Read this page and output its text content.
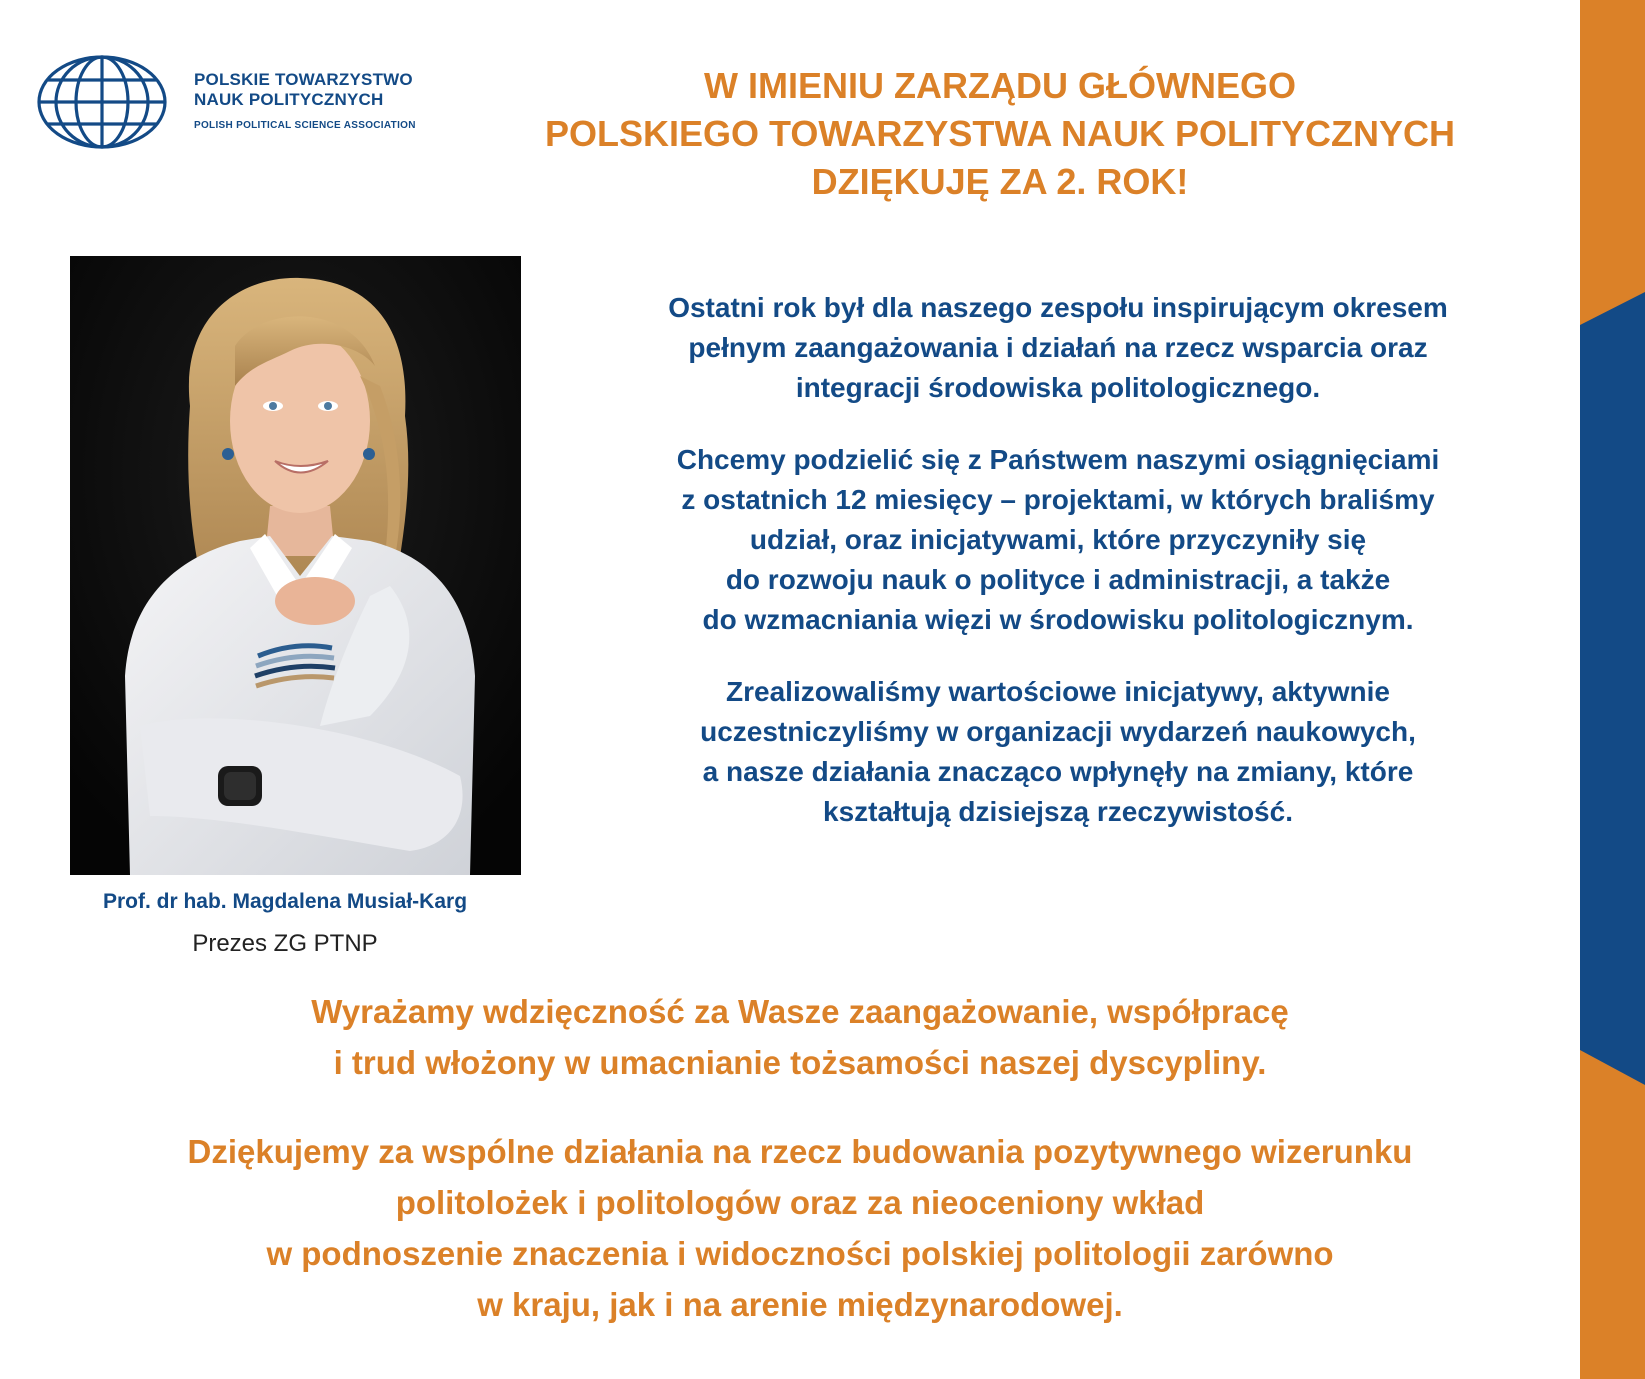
POLSKIE TOWARZYSTWO
NAUK POLITYCZNYCH
POLISH POLITICAL SCIENCE ASSOCIATION
W IMIENIU ZARZĄDU GŁÓWNEGO
POLSKIEGO TOWARZYSTWA NAUK POLITYCZNYCH
DZIĘKUJĘ ZA 2. ROK!
Prof. dr hab. Magdalena Musiał-Karg
Prezes ZG PTNP
Ostatni rok był dla naszego zespołu inspirującym okresem
pełnym zaangażowania i działań na rzecz wsparcia oraz
integracji środowiska politologicznego.
Chcemy podzielić się z Państwem naszymi osiągnięciami
z ostatnich 12 miesięcy – projektami, w których braliśmy
udział, oraz inicjatywami, które przyczyniły się
do rozwoju nauk o polityce i administracji, a także
do wzmacniania więzi w środowisku politologicznym.
Zrealizowaliśmy wartościowe inicjatywy, aktywnie
uczestniczyliśmy w organizacji wydarzeń naukowych,
a nasze działania znacząco wpłynęły na zmiany, które
kształtują dzisiejszą rzeczywistość.
Wyrażamy wdzięczność za Wasze zaangażowanie, współpracę
i trud włożony w umacnianie tożsamości naszej dyscypliny.
Dziękujemy za wspólne działania na rzecz budowania pozytywnego wizerunku
politolożek i politologów oraz za nieoceniony wkład
w podnoszenie znaczenia i widoczności polskiej politologii zarówno
w kraju, jak i na arenie międzynarodowej.
